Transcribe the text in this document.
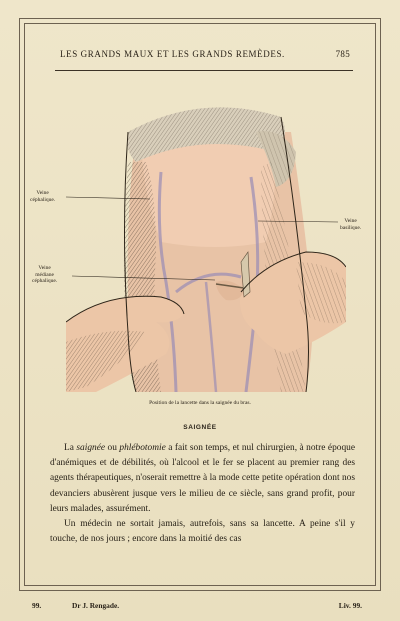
LES GRANDS MAUX ET LES GRANDS REMÈDES.	785
Veine
céphalique.
Veine
basilique.
Veine
médiane
céphalique.
Position de la lancette dans la saignée du bras.
SAIGNÉE

La saignée ou phlébotomie a fait son temps, et nul chirurgien, à notre époque d'anémiques et de débilités, où l'alcool et le fer se placent au premier rang des agents thérapeutiques, n'oserait remettre à la mode cette petite opération dont nos devanciers abusèrent jusque vers le milieu de ce siècle, sans grand profit, pour leurs malades, assurément.

Un médecin ne sortait jamais, autrefois, sans sa lancette. A peine s'il y touche, de nos jours ; encore dans la moitié des cas

99.	Dr J. Rengade.	Liv. 99.
